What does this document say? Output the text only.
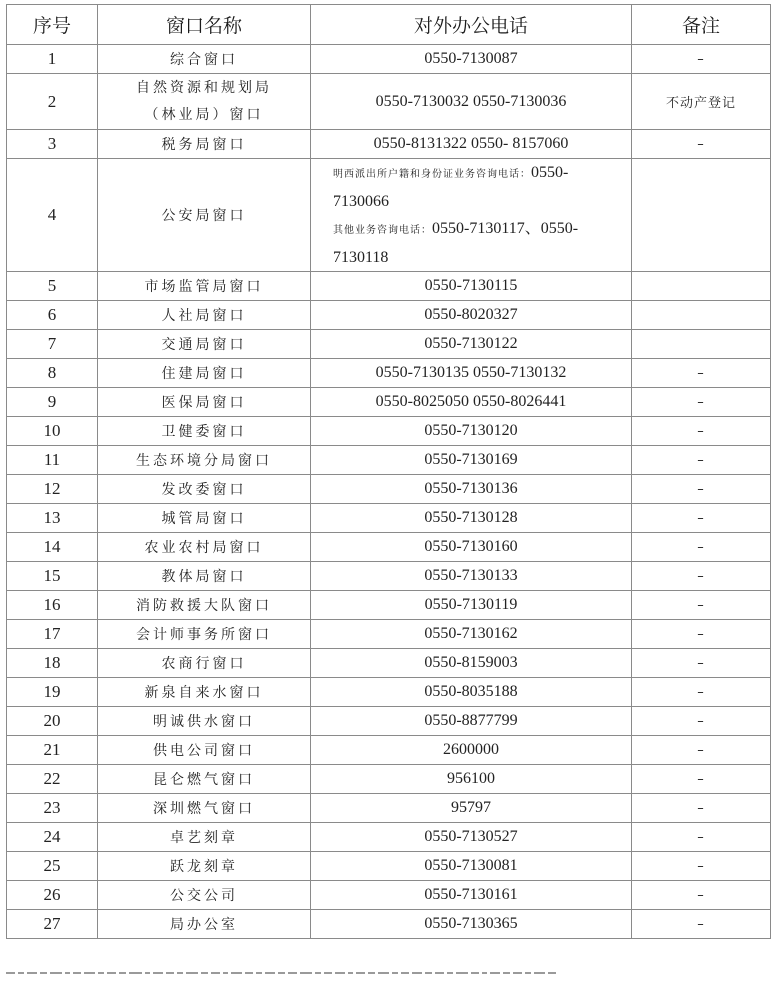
序号	窗口名称	对外办公电话	备注
1	综合窗口	0550-7130087	–
2	自然资源和规划局
（林业局）窗口	0550-7130032 0550-7130036	不动产登记
3	税务局窗口	0550-8131322 0550- 8157060	–
4	公安局窗口	明西派出所户籍和身份证业务咨询电话：0550-
7130066
其他业务咨询电话：0550-7130117、0550-
7130118	

5	市场监管局窗口	0550-7130115	
6	人社局窗口	0550-8020327	
7	交通局窗口	0550-7130122	
8	住建局窗口	0550-7130135 0550-7130132	–
9	医保局窗口	0550-8025050 0550-8026441	–
10	卫健委窗口	0550-7130120	–
11	生态环境分局窗口	0550-7130169	–
12	发改委窗口	0550-7130136	–
13	城管局窗口	0550-7130128	–
14	农业农村局窗口	0550-7130160	–
15	教体局窗口	0550-7130133	–
16	消防救援大队窗口	0550-7130119	–
17	会计师事务所窗口	0550-7130162	–
18	农商行窗口	0550-8159003	–
19	新泉自来水窗口	0550-8035188	–
20	明诚供水窗口	0550-8877799	–
21	供电公司窗口	2600000	–
22	昆仑燃气窗口	956100	–
23	深圳燃气窗口	95797	–
24	卓艺刻章	0550-7130527	–
25	跃龙刻章	0550-7130081	–
26	公交公司	0550-7130161	–
27	局办公室	0550-7130365	–
